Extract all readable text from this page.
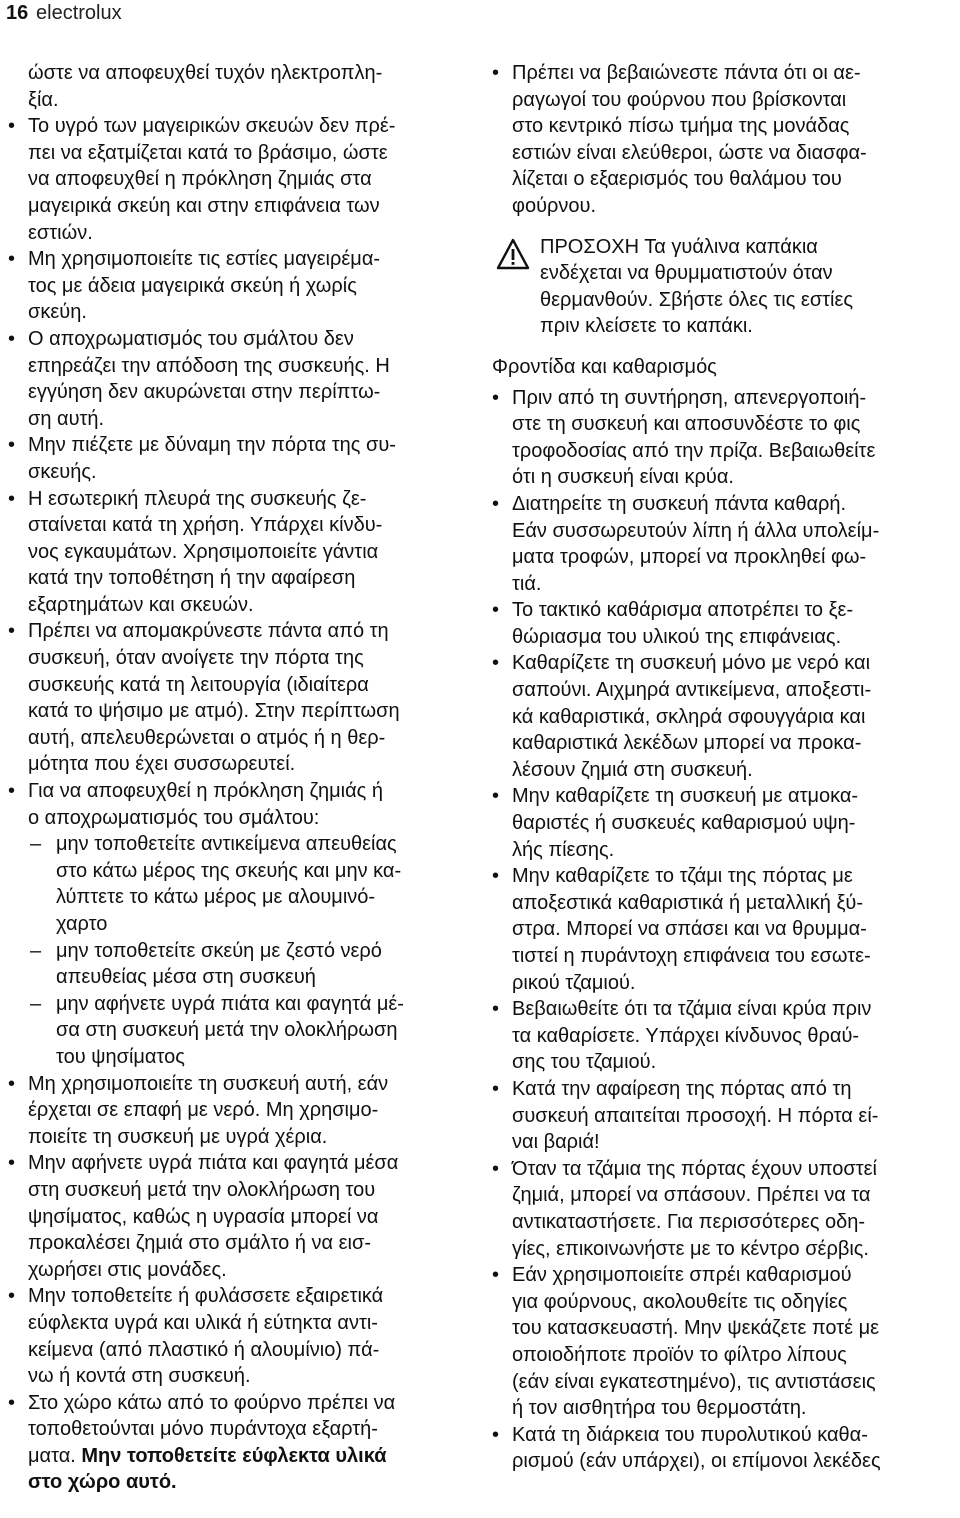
16 electrolux
ώστε να αποφευχθεί τυχόν ηλεκτροπλη-
ξία.
• Το υγρό των μαγειρικών σκευών δεν πρέ-
πει να εξατμίζεται κατά το βράσιμο, ώστε
να αποφευχθεί η πρόκληση ζημιάς στα
μαγειρικά σκεύη και στην επιφάνεια των
εστιών.
• Μη χρησιμοποιείτε τις εστίες μαγειρέμα-
τος με άδεια μαγειρικά σκεύη ή χωρίς
σκεύη.
• Ο αποχρωματισμός του σμάλτου δεν
επηρεάζει την απόδοση της συσκευής. Η
εγγύηση δεν ακυρώνεται στην περίπτω-
ση αυτή.
• Μην πιέζετε με δύναμη την πόρτα της συ-
σκευής.
• Η εσωτερική πλευρά της συσκευής ζε-
σταίνεται κατά τη χρήση. Υπάρχει κίνδυ-
νος εγκαυμάτων. Χρησιμοποιείτε γάντια
κατά την τοποθέτηση ή την αφαίρεση
εξαρτημάτων και σκευών.
• Πρέπει να απομακρύνεστε πάντα από τη
συσκευή, όταν ανοίγετε την πόρτα της
συσκευής κατά τη λειτουργία (ιδιαίτερα
κατά το ψήσιμο με ατμό). Στην περίπτωση
αυτή, απελευθερώνεται ο ατμός ή η θερ-
μότητα που έχει συσσωρευτεί.
• Για να αποφευχθεί η πρόκληση ζημιάς ή
ο αποχρωματισμός του σμάλτου:
– μην τοποθετείτε αντικείμενα απευθείας
στο κάτω μέρος της σκευής και μην κα-
λύπτετε το κάτω μέρος με αλουμινό-
χαρτο
– μην τοποθετείτε σκεύη με ζεστό νερό
απευθείας μέσα στη συσκευή
– μην αφήνετε υγρά πιάτα και φαγητά μέ-
σα στη συσκευή μετά την ολοκλήρωση
του ψησίματος
• Μη χρησιμοποιείτε τη συσκευή αυτή, εάν
έρχεται σε επαφή με νερό. Μη χρησιμο-
ποιείτε τη συσκευή με υγρά χέρια.
• Μην αφήνετε υγρά πιάτα και φαγητά μέσα
στη συσκευή μετά την ολοκλήρωση του
ψησίματος, καθώς η υγρασία μπορεί να
προκαλέσει ζημιά στο σμάλτο ή να εισ-
χωρήσει στις μονάδες.
• Μην τοποθετείτε ή φυλάσσετε εξαιρετικά
εύφλεκτα υγρά και υλικά ή εύτηκτα αντι-
κείμενα (από πλαστικό ή αλουμίνιο) πά-
νω ή κοντά στη συσκευή.
• Στο χώρο κάτω από το φούρνο πρέπει να
τοποθετούνται μόνο πυράντοχα εξαρτή-
ματα. Μην τοποθετείτε εύφλεκτα υλικά
στο χώρο αυτό.
• Πρέπει να βεβαιώνεστε πάντα ότι οι αε-
ραγωγοί του φούρνου που βρίσκονται
στο κεντρικό πίσω τμήμα της μονάδας
εστιών είναι ελεύθεροι, ώστε να διασφα-
λίζεται ο εξαερισμός του θαλάμου του
φούρνου.
ΠΡΟΣΟΧΗ Τα γυάλινα καπάκια
ενδέχεται να θρυμματιστούν όταν
θερμανθούν. Σβήστε όλες τις εστίες
πριν κλείσετε το καπάκι.
Φροντίδα και καθαρισμός
• Πριν από τη συντήρηση, απενεργοποιή-
στε τη συσκευή και αποσυνδέστε το φις
τροφοδοσίας από την πρίζα. Βεβαιωθείτε
ότι η συσκευή είναι κρύα.
• Διατηρείτε τη συσκευή πάντα καθαρή.
Εάν συσσωρευτούν λίπη ή άλλα υπολείμ-
ματα τροφών, μπορεί να προκληθεί φω-
τιά.
• Το τακτικό καθάρισμα αποτρέπει το ξε-
θώριασμα του υλικού της επιφάνειας.
• Καθαρίζετε τη συσκευή μόνο με νερό και
σαπούνι. Αιχμηρά αντικείμενα, αποξεστι-
κά καθαριστικά, σκληρά σφουγγάρια και
καθαριστικά λεκέδων μπορεί να προκα-
λέσουν ζημιά στη συσκευή.
• Μην καθαρίζετε τη συσκευή με ατμοκα-
θαριστές ή συσκευές καθαρισμού υψη-
λής πίεσης.
• Μην καθαρίζετε το τζάμι της πόρτας με
αποξεστικά καθαριστικά ή μεταλλική ξύ-
στρα. Μπορεί να σπάσει και να θρυμμα-
τιστεί η πυράντοχη επιφάνεια του εσωτε-
ρικού τζαμιού.
• Βεβαιωθείτε ότι τα τζάμια είναι κρύα πριν
τα καθαρίσετε. Υπάρχει κίνδυνος θραύ-
σης του τζαμιού.
• Κατά την αφαίρεση της πόρτας από τη
συσκευή απαιτείται προσοχή. Η πόρτα εί-
ναι βαριά!
• Όταν τα τζάμια της πόρτας έχουν υποστεί
ζημιά, μπορεί να σπάσουν. Πρέπει να τα
αντικαταστήσετε. Για περισσότερες οδη-
γίες, επικοινωνήστε με το κέντρο σέρβις.
• Εάν χρησιμοποιείτε σπρέι καθαρισμού
για φούρνους, ακολουθείτε τις οδηγίες
του κατασκευαστή. Μην ψεκάζετε ποτέ με
οποιοδήποτε προϊόν το φίλτρο λίπους
(εάν είναι εγκατεστημένο), τις αντιστάσεις
ή τον αισθητήρα του θερμοστάτη.
• Κατά τη διάρκεια του πυρολυτικού καθα-
ρισμού (εάν υπάρχει), οι επίμονοι λεκέδες
